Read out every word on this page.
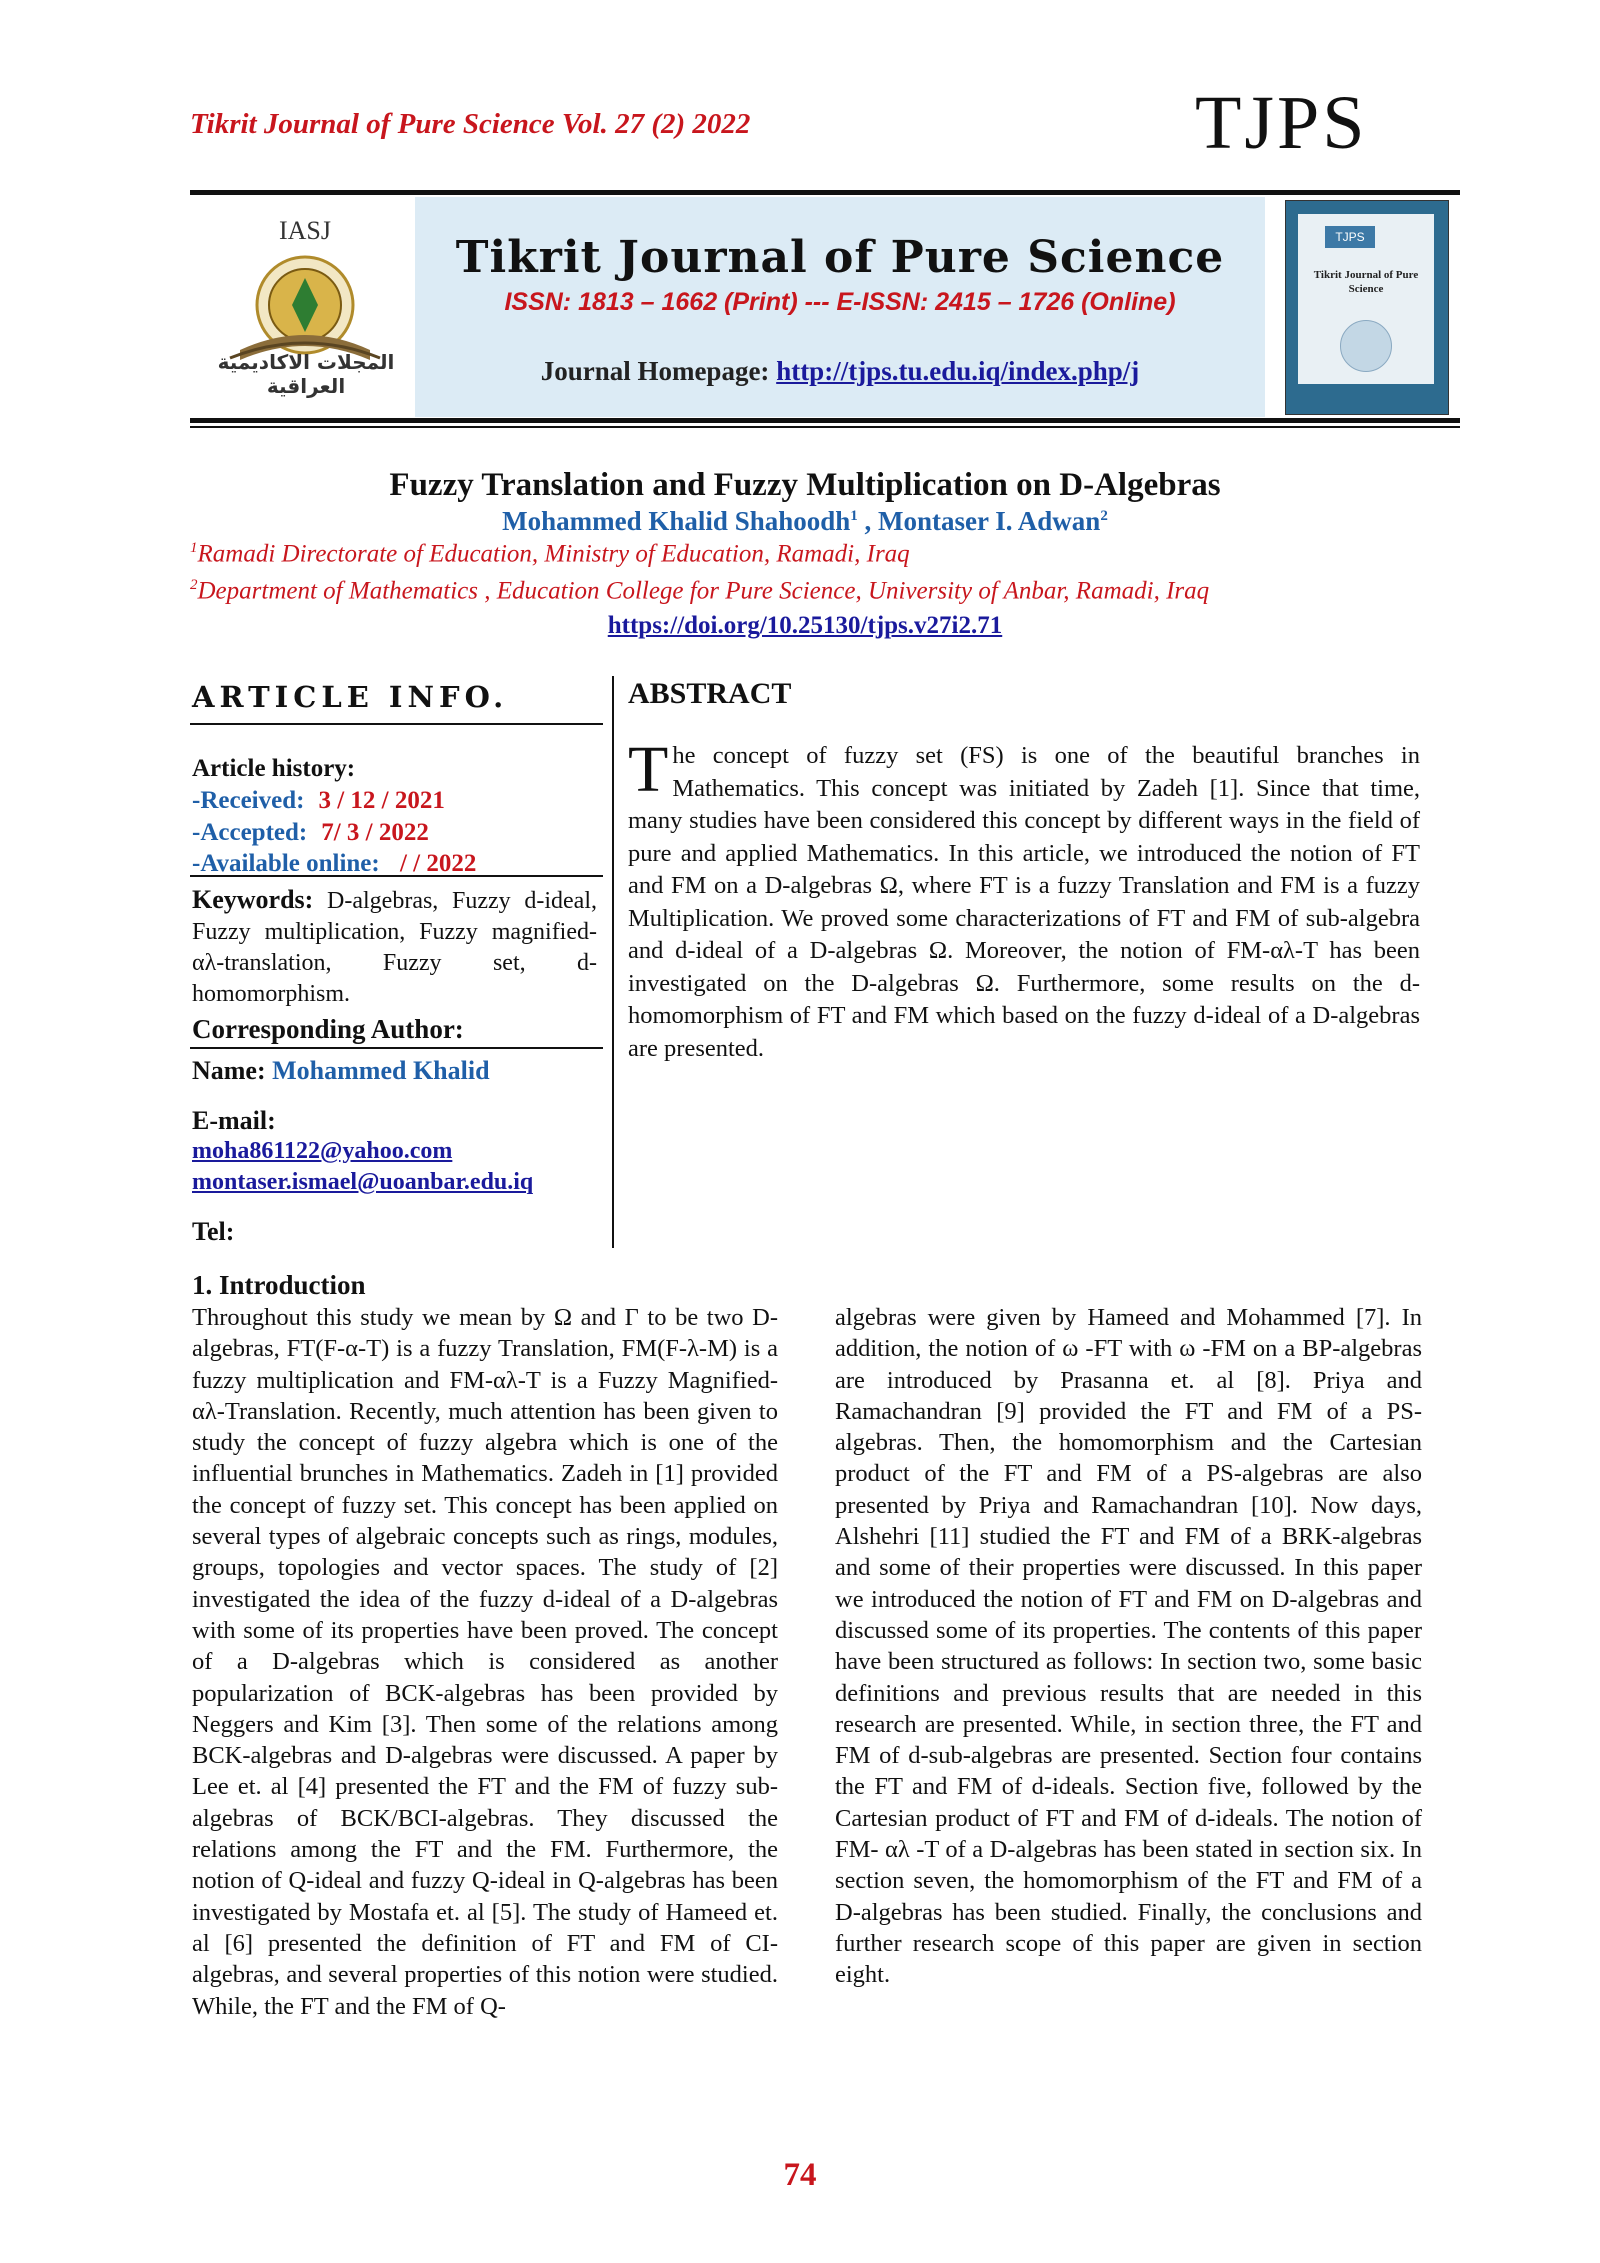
Tikrit Journal of Pure Science Vol. 27 (2) 2022	TJPS
IASJ
المجلات الاكاديمية العراقية
Tikrit Journal of Pure Science
ISSN: 1813 – 1662 (Print) --- E-ISSN: 2415 – 1726 (Online)
Journal Homepage: http://tjps.tu.edu.iq/index.php/j
TJPS
Tikrit Journal of Pure Science
Fuzzy Translation and Fuzzy Multiplication on D-Algebras
Mohammed Khalid Shahoodh$^1$ , Montaser I. Adwan$^2$
$^1$Ramadi Directorate of Education, Ministry of Education, Ramadi, Iraq
$^2$Department of Mathematics , Education College for Pure Science, University of Anbar, Ramadi, Iraq
https://doi.org/10.25130/tjps.v27i2.71
ARTICLE INFO.
Article history:
-Received: 3 / 12 / 2021
-Accepted: 7/ 3 / 2022
-Available online: / / 2022
Keywords: D-algebras, Fuzzy d-ideal, Fuzzy multiplication, Fuzzy magnified-αλ-translation, Fuzzy set, d-homomorphism.
Corresponding Author:
Name: Mohammed Khalid
E-mail:
moha861122@yahoo.com
montaser.ismael@uoanbar.edu.iq
Tel:
ABSTRACT
The concept of fuzzy set (FS) is one of the beautiful branches in Mathematics. This concept was initiated by Zadeh [1]. Since that time, many studies have been considered this concept by different ways in the field of pure and applied Mathematics. In this article, we introduced the notion of FT and FM on a D-algebras Ω, where FT is a fuzzy Translation and FM is a fuzzy Multiplication. We proved some characterizations of FT and FM of sub-algebra and d-ideal of a D-algebras Ω. Moreover, the notion of FM-αλ-T has been investigated on the D-algebras Ω. Furthermore, some results on the d-homomorphism of FT and FM which based on the fuzzy d-ideal of a D-algebras are presented.
1. Introduction
Throughout this study we mean by Ω and Γ to be two D-algebras, FT(F-α-T) is a fuzzy Translation, FM(F-λ-M) is a fuzzy multiplication and FM-αλ-T is a Fuzzy Magnified-αλ-Translation. Recently, much attention has been given to study the concept of fuzzy algebra which is one of the influential brunches in Mathematics. Zadeh in [1] provided the concept of fuzzy set. This concept has been applied on several types of algebraic concepts such as rings, modules, groups, topologies and vector spaces. The study of [2] investigated the idea of the fuzzy d-ideal of a D-algebras with some of its properties have been proved. The concept of a D-algebras which is considered as another popularization of BCK-algebras has been provided by Neggers and Kim [3]. Then some of the relations among BCK-algebras and D-algebras were discussed. A paper by Lee et. al [4] presented the FT and the FM of fuzzy sub-algebras of BCK/BCI-algebras. They discussed the relations among the FT and the FM. Furthermore, the notion of Q-ideal and fuzzy Q-ideal in Q-algebras has been investigated by Mostafa et. al [5]. The study of Hameed et. al [6] presented the definition of FT and FM of CI-algebras, and several properties of this notion were studied. While, the FT and the FM of Q-
algebras were given by Hameed and Mohammed [7]. In addition, the notion of ω -FT with ω -FM on a BP-algebras are introduced by Prasanna et. al [8]. Priya and Ramachandran [9] provided the FT and FM of a PS-algebras. Then, the homomorphism and the Cartesian product of the FT and FM of a PS-algebras are also presented by Priya and Ramachandran [10]. Now days, Alshehri [11] studied the FT and FM of a BRK-algebras and some of their properties were discussed. In this paper we introduced the notion of FT and FM on D-algebras and discussed some of its properties. The contents of this paper have been structured as follows: In section two, some basic definitions and previous results that are needed in this research are presented. While, in section three, the FT and FM of d-sub-algebras are presented. Section four contains the FT and FM of d-ideals. Section five, followed by the Cartesian product of FT and FM of d-ideals. The notion of FM- αλ -T of a D-algebras has been stated in section six. In section seven, the homomorphism of the FT and FM of a D-algebras has been studied. Finally, the conclusions and further research scope of this paper are given in section eight.
74
